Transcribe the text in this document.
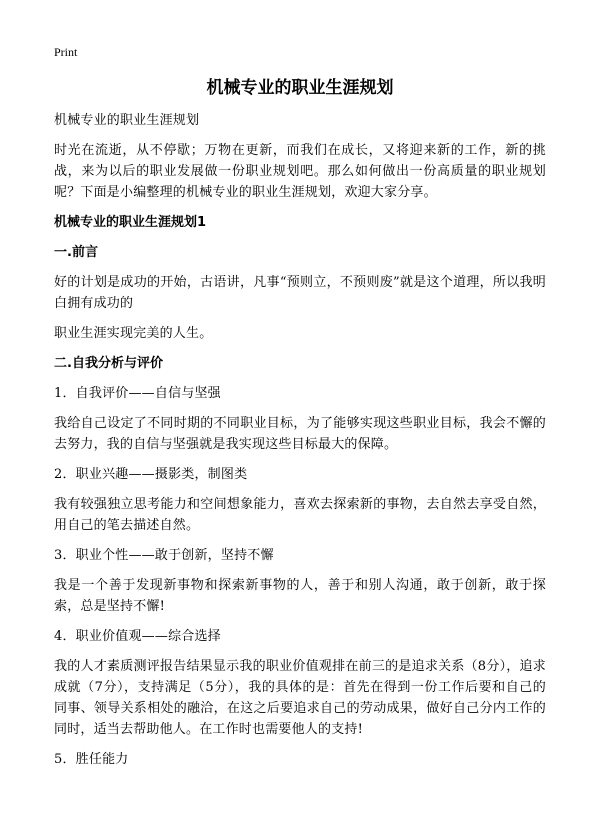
Print
机械专业的职业生涯规划

机械专业的职业生涯规划

时光在流逝，从不停歇；万物在更新，而我们在成长，又将迎来新的工作，新的挑战，来为以后的职业发展做一份职业规划吧。那么如何做出一份高质量的职业规划呢？下面是小编整理的机械专业的职业生涯规划，欢迎大家分享。

机械专业的职业生涯规划1
一.前言

好的计划是成功的开始，古语讲，凡事“预则立，不预则废”就是这个道理，所以我明白拥有成功的

职业生涯实现完美的人生。

二.自我分析与评价

1．自我评价——自信与坚强

我给自己设定了不同时期的不同职业目标，为了能够实现这些职业目标，我会不懈的去努力，我的自信与坚强就是我实现这些目标最大的保障。

2．职业兴趣——摄影类，制图类

我有较强独立思考能力和空间想象能力，喜欢去探索新的事物，去自然去享受自然，用自己的笔去描述自然。

3．职业个性——敢于创新，坚持不懈

我是一个善于发现新事物和探索新事物的人，善于和别人沟通，敢于创新，敢于探索，总是坚持不懈!

4．职业价值观——综合选择

我的人才素质测评报告结果显示我的职业价值观排在前三的是追求关系（8分），追求成就（7分），支持满足（5分），我的具体的是：首先在得到一份工作后要和自己的同事、领导关系相处的融洽，在这之后要追求自己的劳动成果，做好自己分内工作的同时，适当去帮助他人。在工作时也需要他人的支持!

5．胜任能力
